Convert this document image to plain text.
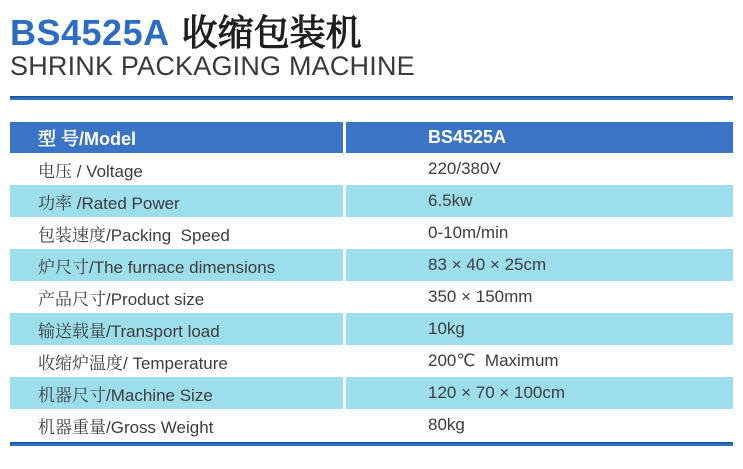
BS4525A 收缩包装机
SHRINK PACKAGING MACHINE
型 号/Model	BS4525A
电压 / Voltage	220/380V
功率 /Rated Power	6.5kw
包装速度/Packing  Speed	0-10m/min
炉尺寸/The furnace dimensions	83 × 40 × 25cm
产品尺寸/Product size	350 × 150mm
输送载量/Transport load	10kg
收缩炉温度/ Temperature	200℃  Maximum
机器尺寸/Machine Size	120 × 70 × 100cm
机器重量/Gross Weight	80kg
